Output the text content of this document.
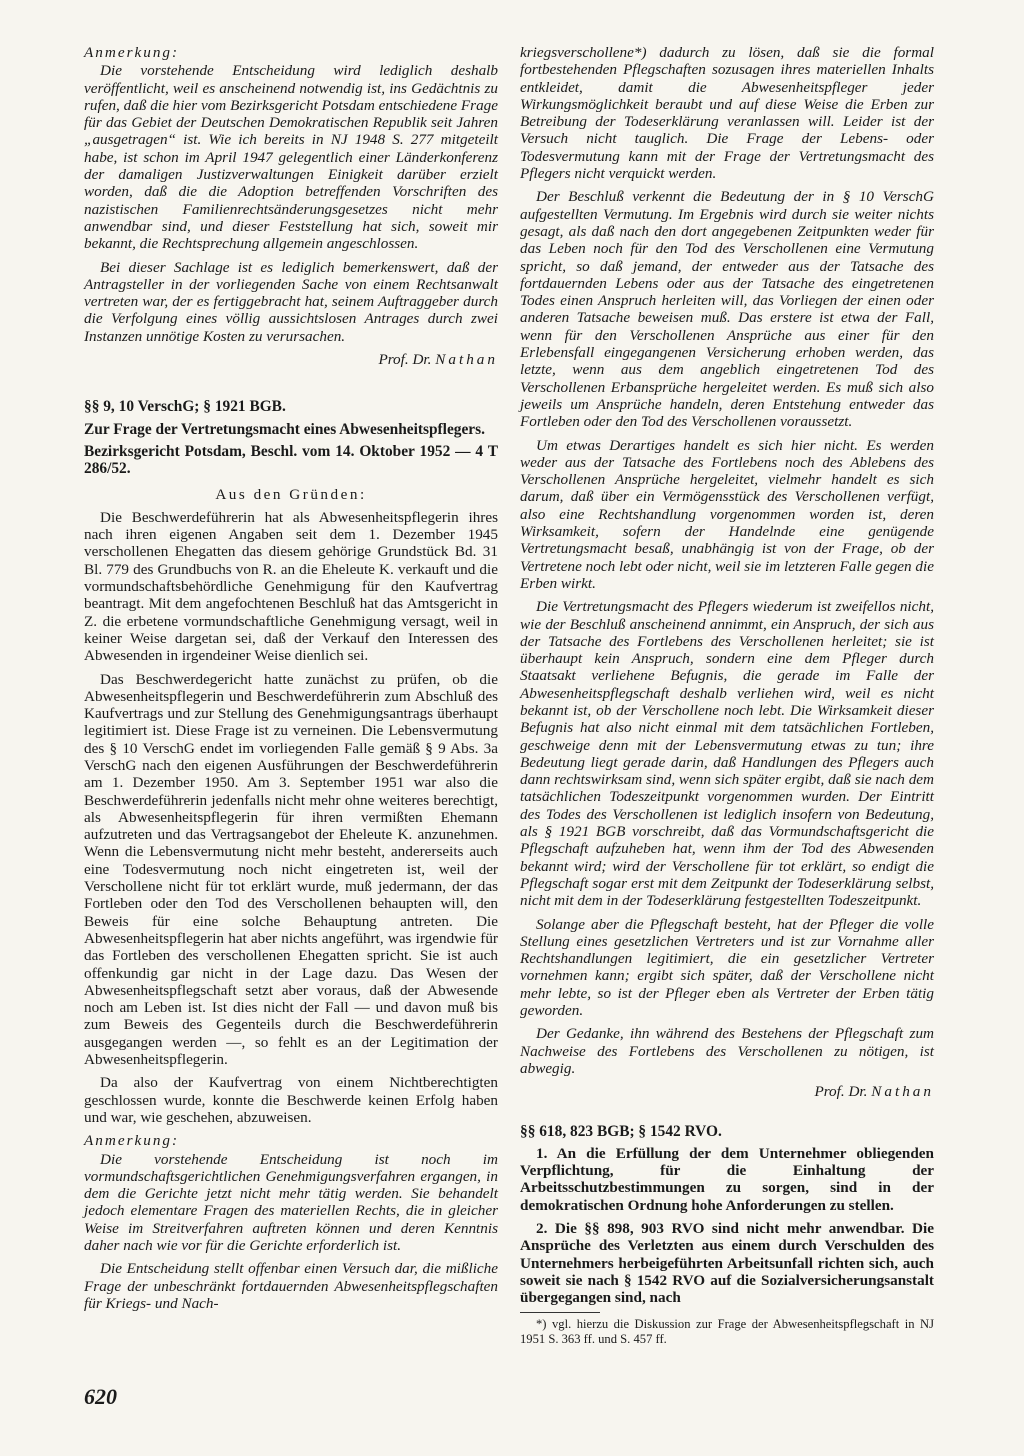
Anmerkung:

Die vorstehende Entscheidung wird lediglich deshalb veröffentlicht, weil es anscheinend notwendig ist, ins Gedächtnis zu rufen, daß die hier vom Bezirksgericht Potsdam entschiedene Frage für das Gebiet der Deutschen Demokratischen Republik seit Jahren „ausgetragen“ ist. Wie ich bereits in NJ 1948 S. 277 mitgeteilt habe, ist schon im April 1947 gelegentlich einer Länderkonferenz der damaligen Justizverwaltungen Einigkeit darüber erzielt worden, daß die die Adoption betreffenden Vorschriften des nazistischen Familienrechtsänderungsgesetzes nicht mehr anwendbar sind, und dieser Feststellung hat sich, soweit mir bekannt, die Rechtsprechung allgemein angeschlossen.

Bei dieser Sachlage ist es lediglich bemerkenswert, daß der Antragsteller in der vorliegenden Sache von einem Rechtsanwalt vertreten war, der es fertiggebracht hat, seinem Auftraggeber durch die Verfolgung eines völlig aussichtslosen Antrages durch zwei Instanzen unnötige Kosten zu verursachen.

Prof. Dr. Nathan
§§ 9, 10 VerschG; § 1921 BGB.
Zur Frage der Vertretungsmacht eines Abwesenheitspflegers.
Bezirksgericht Potsdam, Beschl. vom 14. Oktober 1952 — 4 T 286/52.
Aus den Gründen:

Die Beschwerdeführerin hat als Abwesenheitspflegerin ihres nach ihren eigenen Angaben seit dem 1. Dezember 1945 verschollenen Ehegatten das diesem gehörige Grundstück Bd. 31 Bl. 779 des Grundbuchs von R. an die Eheleute K. verkauft und die vormundschaftsbehördliche Genehmigung für den Kaufvertrag beantragt. Mit dem angefochtenen Beschluß hat das Amtsgericht in Z. die erbetene vormundschaftliche Genehmigung versagt, weil in keiner Weise dargetan sei, daß der Verkauf den Interessen des Abwesenden in irgendeiner Weise dienlich sei.

Das Beschwerdegericht hatte zunächst zu prüfen, ob die Abwesenheitspflegerin und Beschwerdeführerin zum Abschluß des Kaufvertrags und zur Stellung des Genehmigungsantrags überhaupt legitimiert ist. Diese Frage ist zu verneinen. Die Lebensvermutung des § 10 VerschG endet im vorliegenden Falle gemäß § 9 Abs. 3a VerschG nach den eigenen Ausführungen der Beschwerdeführerin am 1. Dezember 1950. Am 3. September 1951 war also die Beschwerdeführerin jedenfalls nicht mehr ohne weiteres berechtigt, als Abwesenheitspflegerin für ihren vermißten Ehemann aufzutreten und das Vertragsangebot der Eheleute K. anzunehmen. Wenn die Lebensvermutung nicht mehr besteht, andererseits auch eine Todesvermutung noch nicht eingetreten ist, weil der Verschollene nicht für tot erklärt wurde, muß jedermann, der das Fortleben oder den Tod des Verschollenen behaupten will, den Beweis für eine solche Behauptung antreten. Die Abwesenheitspflegerin hat aber nichts angeführt, was irgendwie für das Fortleben des verschollenen Ehegatten spricht. Sie ist auch offenkundig gar nicht in der Lage dazu. Das Wesen der Abwesenheitspflegschaft setzt aber voraus, daß der Abwesende noch am Leben ist. Ist dies nicht der Fall — und davon muß bis zum Beweis des Gegenteils durch die Beschwerdeführerin ausgegangen werden —, so fehlt es an der Legitimation der Abwesenheitspflegerin.

Da also der Kaufvertrag von einem Nichtberechtigten geschlossen wurde, konnte die Beschwerde keinen Erfolg haben und war, wie geschehen, abzuweisen.

Anmerkung:

Die vorstehende Entscheidung ist noch im vormundschaftsgerichtlichen Genehmigungsverfahren ergangen, in dem die Gerichte jetzt nicht mehr tätig werden. Sie behandelt jedoch elementare Fragen des materiellen Rechts, die in gleicher Weise im Streitverfahren auftreten können und deren Kenntnis daher nach wie vor für die Gerichte erforderlich ist.

Die Entscheidung stellt offenbar einen Versuch dar, die mißliche Frage der unbeschränkt fortdauernden Abwesenheitspflegschaften für Kriegs- und Nach-

kriegsverschollene*) dadurch zu lösen, daß sie die formal fortbestehenden Pflegschaften sozusagen ihres materiellen Inhalts entkleidet, damit die Abwesenheitspfleger jeder Wirkungsmöglichkeit beraubt und auf diese Weise die Erben zur Betreibung der Todeserklärung veranlassen will. Leider ist der Versuch nicht tauglich. Die Frage der Lebens- oder Todesvermutung kann mit der Frage der Vertretungsmacht des Pflegers nicht verquickt werden.

Der Beschluß verkennt die Bedeutung der in § 10 VerschG aufgestellten Vermutung. Im Ergebnis wird durch sie weiter nichts gesagt, als daß nach den dort angegebenen Zeitpunkten weder für das Leben noch für den Tod des Verschollenen eine Vermutung spricht, so daß jemand, der entweder aus der Tatsache des fortdauernden Lebens oder aus der Tatsache des eingetretenen Todes einen Anspruch herleiten will, das Vorliegen der einen oder anderen Tatsache beweisen muß. Das erstere ist etwa der Fall, wenn für den Verschollenen Ansprüche aus einer für den Erlebensfall eingegangenen Versicherung erhoben werden, das letzte, wenn aus dem angeblich eingetretenen Tod des Verschollenen Erbansprüche hergeleitet werden. Es muß sich also jeweils um Ansprüche handeln, deren Entstehung entweder das Fortleben oder den Tod des Verschollenen voraussetzt.

Um etwas Derartiges handelt es sich hier nicht. Es werden weder aus der Tatsache des Fortlebens noch des Ablebens des Verschollenen Ansprüche hergeleitet, vielmehr handelt es sich darum, daß über ein Vermögensstück des Verschollenen verfügt, also eine Rechtshandlung vorgenommen worden ist, deren Wirksamkeit, sofern der Handelnde eine genügende Vertretungsmacht besaß, unabhängig ist von der Frage, ob der Vertretene noch lebt oder nicht, weil sie im letzteren Falle gegen die Erben wirkt.

Die Vertretungsmacht des Pflegers wiederum ist zweifellos nicht, wie der Beschluß anscheinend annimmt, ein Anspruch, der sich aus der Tatsache des Fortlebens des Verschollenen herleitet; sie ist überhaupt kein Anspruch, sondern eine dem Pfleger durch Staatsakt verliehene Befugnis, die gerade im Falle der Abwesenheitspflegschaft deshalb verliehen wird, weil es nicht bekannt ist, ob der Verschollene noch lebt. Die Wirksamkeit dieser Befugnis hat also nicht einmal mit dem tatsächlichen Fortleben, geschweige denn mit der Lebensvermutung etwas zu tun; ihre Bedeutung liegt gerade darin, daß Handlungen des Pflegers auch dann rechtswirksam sind, wenn sich später ergibt, daß sie nach dem tatsächlichen Todeszeitpunkt vorgenommen wurden. Der Eintritt des Todes des Verschollenen ist lediglich insofern von Bedeutung, als § 1921 BGB vorschreibt, daß das Vormundschaftsgericht die Pflegschaft aufzuheben hat, wenn ihm der Tod des Abwesenden bekannt wird; wird der Verschollene für tot erklärt, so endigt die Pflegschaft sogar erst mit dem Zeitpunkt der Todeserklärung selbst, nicht mit dem in der Todeserklärung festgestellten Todeszeitpunkt.

Solange aber die Pflegschaft besteht, hat der Pfleger die volle Stellung eines gesetzlichen Vertreters und ist zur Vornahme aller Rechtshandlungen legitimiert, die ein gesetzlicher Vertreter vornehmen kann; ergibt sich später, daß der Verschollene nicht mehr lebte, so ist der Pfleger eben als Vertreter der Erben tätig geworden.

Der Gedanke, ihn während des Bestehens der Pflegschaft zum Nachweise des Fortlebens des Verschollenen zu nötigen, ist abwegig.

Prof. Dr. Nathan
§§ 618, 823 BGB; § 1542 RVO.

1. An die Erfüllung der dem Unternehmer obliegenden Verpflichtung, für die Einhaltung der Arbeitsschutzbestimmungen zu sorgen, sind in der demokratischen Ordnung hohe Anforderungen zu stellen.

2. Die §§ 898, 903 RVO sind nicht mehr anwendbar. Die Ansprüche des Verletzten aus einem durch Verschulden des Unternehmers herbeigeführten Arbeitsunfall richten sich, auch soweit sie nach § 1542 RVO auf die Sozialversicherungsanstalt übergegangen sind, nach

*) vgl. hierzu die Diskussion zur Frage der Abwesenheitspflegschaft in NJ 1951 S. 363 ff. und S. 457 ff.

620
